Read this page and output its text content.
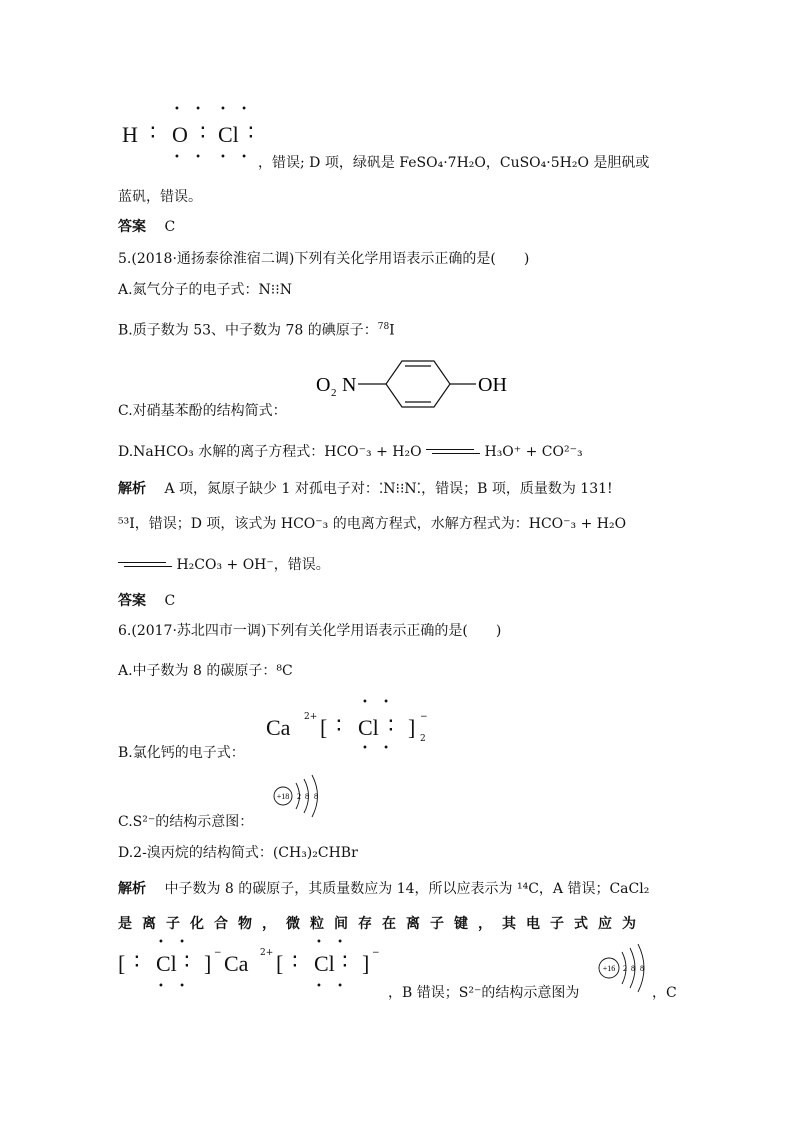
• • • •
H ∶ O ∶ Cl ∶
• • • • ，错误; D 项，绿矾是 FeSO₄·7H₂O，CuSO₄·5H₂O 是胆矾或
蓝矾，错误。
答案 C
5.(2018·通扬泰徐淮宿二调)下列有关化学用语表示正确的是(　　)
A.氮气分子的电子式：N⁝⁝N
B.质子数为 53、中子数为 78 的碘原子：$^{78}$I
O 2 N	OH
C.对硝基苯酚的结构简式：
D.NaHCO₃ 水解的离子方程式：HCO⁻₃ + H₂O	H₃O⁺ + CO²⁻₃
解析 A 项，氮原子缺少 1 对孤电子对：⁚N⁝⁝N⁚，错误；B 项，质量数为 131!
⁵³I，错误；D 项，该式为 HCO⁻₃ 的电离方程式，水解方程式为：HCO⁻₃ + H₂O
H₂CO₃ + OH⁻，错误。
答案 C
6.(2017·苏北四市一调)下列有关化学用语表示正确的是(　　)
A.中子数为 8 的碳原子：⁸C
• •
Ca 2+ [ ∶ Cl ∶ ] −
2
• •
B.氯化钙的电子式：
+18 2 8 8
C.S²⁻的结构示意图：
D.2-溴丙烷的结构简式：(CH₃)₂CHBr
解析 中子数为 8 的碳原子，其质量数应为 14，所以应表示为 ¹⁴C，A 错误；CaCl₂
是离子化合物，微粒间存在离子键，其电子式应为
• •	• •
[ ∶ Cl ∶ ] − Ca 2+ [ ∶ Cl ∶ ] −
• •	• •	，B 错误；S²⁻的结构示意图为
+16 2 8 8
，C
